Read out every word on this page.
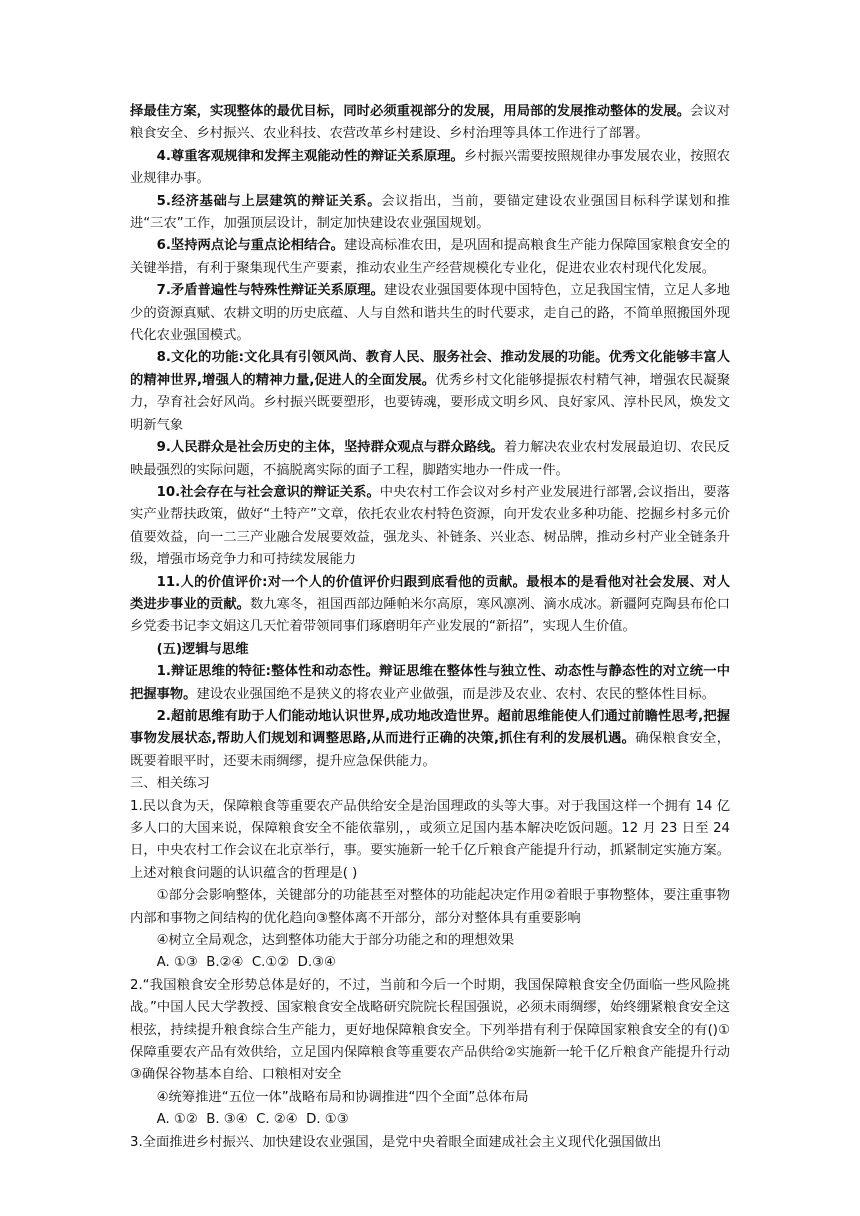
择最佳方案，实现整体的最优目标，同时必须重视部分的发展，用局部的发展推动整体的发展。会议对粮食安全、乡村振兴、农业科技、农营改革乡村建设、乡村治理等具体工作进行了部署。

4.尊重客观规律和发挥主观能动性的辩证关系原理。乡村振兴需要按照规律办事发展农业，按照农业规律办事。

5.经济基础与上层建筑的辩证关系。会议指出，当前，要锚定建设农业强国目标科学谋划和推进“三农”工作，加强顶层设计，制定加快建设农业强国规划。

6.坚持两点论与重点论相结合。建设高标准农田，是巩固和提高粮食生产能力保障国家粮食安全的关键举措，有利于聚集现代生产要素，推动农业生产经营规模化专业化，促进农业农村现代化发展。

7.矛盾普遍性与特殊性辩证关系原理。建设农业强国要体现中国特色，立足我国宝情，立足人多地少的资源真赋、农耕文明的历史底蕴、人与自然和谐共生的时代要求，走自己的路，不简单照搬国外现代化农业强国模式。

8.文化的功能:文化具有引领风尚、教育人民、服务社会、推动发展的功能。优秀文化能够丰富人的精神世界,增强人的精神力量,促进人的全面发展。优秀乡村文化能够提振农村精气神，增强农民凝聚力，孕育社会好风尚。乡村振兴既要塑形，也要铸魂，要形成文明乡风、良好家风、淳朴民风，焕发文明新气象

9.人民群众是社会历史的主体，坚持群众观点与群众路线。着力解决农业农村发展最迫切、农民反映最强烈的实际问题，不搞脱离实际的面子工程，脚踏实地办一件成一件。

10.社会存在与社会意识的辩证关系。中央农村工作会议对乡村产业发展进行部署,会议指出，要落实产业帮扶政策，做好“土特产”文章，依托农业农村特色资源，向开发农业多种功能、挖掘乡村多元价值要效益，向一二三产业融合发展要效益，强龙头、补链条、兴业态、树品牌，推动乡村产业全链条升级，增强市场竞争力和可持续发展能力

11.人的价值评价:对一个人的价值评价归跟到底看他的贡献。最根本的是看他对社会发展、对人类进步事业的贡献。数九寒冬，祖国西部边陲帕米尔高原，寒风凛冽、滴水成冰。新疆阿克陶县布伦口乡党委书记李文娟这几天忙着带领同事们琢磨明年产业发展的“新招”，实现人生价值。

(五)逻辑与思维

1.辩证思维的特征:整体性和动态性。辩证思维在整体性与独立性、动态性与静态性的对立统一中把握事物。建设农业强国绝不是狭义的将农业产业做强，而是涉及农业、农村、农民的整体性目标。

2.超前思维有助于人们能动地认识世界,成功地改造世界。超前思维能使人们通过前瞻性思考,把握事物发展状态,帮助人们规划和调整思路,从而进行正确的决策,抓住有利的发展机遇。确保粮食安全，既要着眼平时，还要未雨绸缪，提升应急保供能力。

三、相关练习

1.民以食为天，保障粮食等重要农产品供给安全是治国理政的头等大事。对于我国这样一个拥有 14 亿多人口的大国来说，保障粮食安全不能依靠别，，或须立足国内基本解决吃饭问题。12 月 23 日至 24 日，中央农村工作会议在北京举行，事。要实施新一轮千亿斤粮食产能提升行动，抓紧制定实施方案。上述对粮食问题的认识蕴含的哲理是( )

①部分会影响整体，关键部分的功能甚至对整体的功能起决定作用②着眼于事物整体，要注重事物内部和事物之间结构的优化趋向③整体离不开部分，部分对整体具有重要影响

④树立全局观念，达到整体功能大于部分功能之和的理想效果

A. ①③  B.②④  C.①②  D.③④

2.“我国粮食安全形势总体是好的，不过，当前和今后一个时期，我国保障粮食安全仍面临一些风险挑战。”中国人民大学教授、国家粮食安全战略研究院院长程国强说，必须未雨绸缪，始终绷紧粮食安全这根弦，持续提升粮食综合生产能力，更好地保障粮食安全。下列举措有利于保障国家粮食安全的有()①保障重要农产品有效供给，立足国内保障粮食等重要农产品供给②实施新一轮千亿斤粮食产能提升行动③确保谷物基本自给、口粮相对安全

④统筹推进“五位一体”战略布局和协调推进“四个全面”总体布局

A. ①②  B. ③④  C. ②④  D. ①③

3.全面推进乡村振兴、加快建设农业强国，是党中央着眼全面建成社会主义现代化强国做出
